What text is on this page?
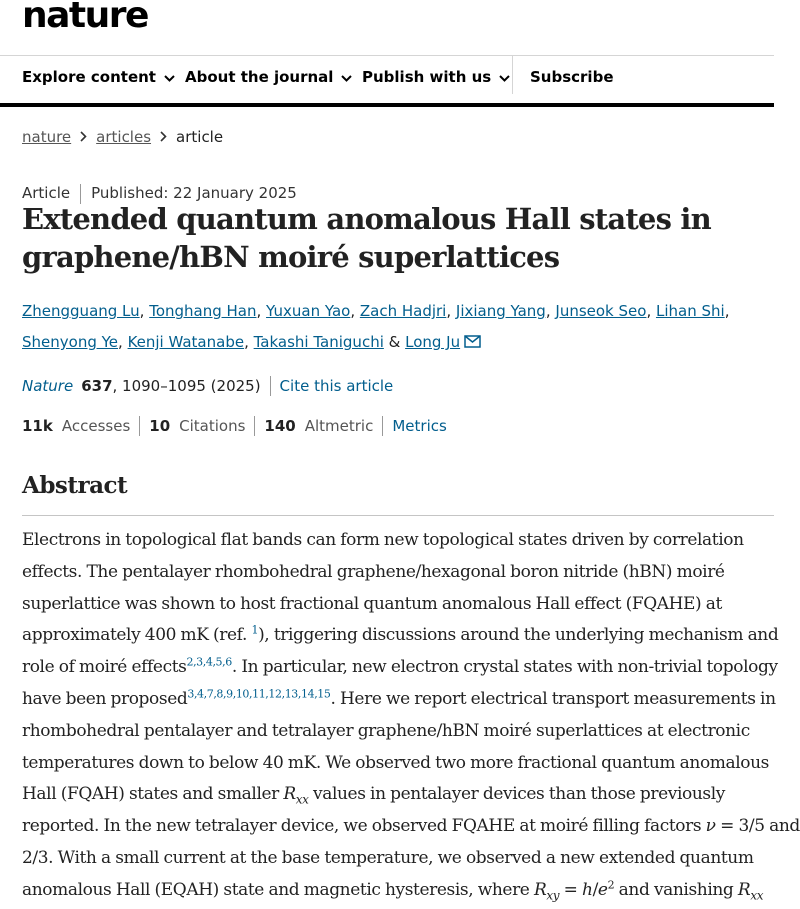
nature
Explore content About the journal Publish with us	Subscribe
nature articles article
Article Published: 22 January 2025
Extended quantum anomalous Hall states in graphene/hBN moiré superlattices
Zhengguang Lu, Tonghang Han, Yuxuan Yao, Zach Hadjri, Jixiang Yang, Junseok Seo, Lihan Shi, Shenyong Ye, Kenji Watanabe, Takashi Taniguchi & Long Ju
Nature 637 , 1090–1095 (2025) Cite this article
11k Accesses 10 Citations 140 Altmetric Metrics
Abstract
Electrons in topological flat bands can form new topological states driven by correlation
effects. The pentalayer rhombohedral graphene/hexagonal boron nitride (hBN) moiré
superlattice was shown to host fractional quantum anomalous Hall effect (FQAHE) at
approximately 400 mK (ref. $^1$), triggering discussions around the underlying mechanism and
role of moiré effects$^{2,3,4,5,6}$. In particular, new electron crystal states with non-trivial topology
have been proposed$^{3,4,7,8,9,10,11,12,13,14,15}$. Here we report electrical transport measurements in
rhombohedral pentalayer and tetralayer graphene/hBN moiré superlattices at electronic
temperatures down to below 40 mK. We observed two more fractional quantum anomalous
Hall (FQAH) states and smaller $R_{xx}$ values in pentalayer devices than those previously
reported. In the new tetralayer device, we observed FQAHE at moiré filling factors ν = 3/5 and
2/3. With a small current at the base temperature, we observed a new extended quantum
anomalous Hall (EQAH) state and magnetic hysteresis, where $R_{xy} = h/e^2$ and vanishing $R_{xx}$
